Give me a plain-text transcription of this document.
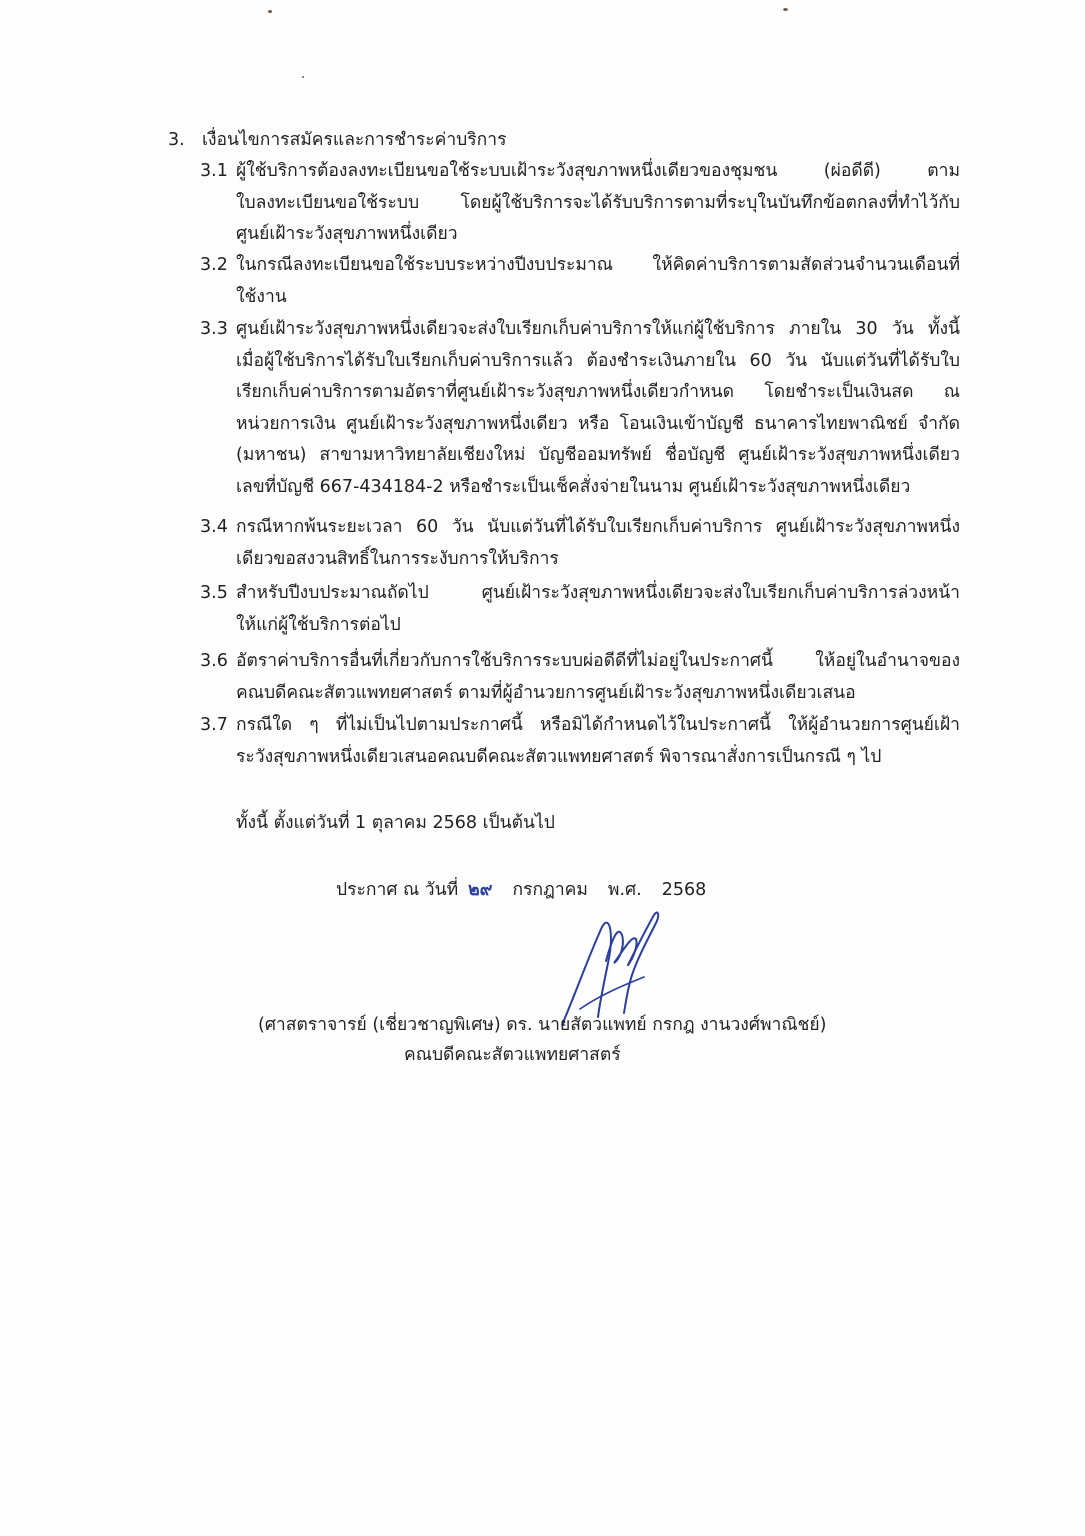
3. เงื่อนไขการสมัครและการชำระค่าบริการ
3.1 ผู้ใช้บริการต้องลงทะเบียนขอใช้ระบบเฝ้าระวังสุขภาพหนึ่งเดียวของชุมชน (ผ่อดีดี) ตาม
ใบลงทะเบียนขอใช้ระบบ โดยผู้ใช้บริการจะได้รับบริการตามที่ระบุในบันทึกข้อตกลงที่ทำไว้กับ
ศูนย์เฝ้าระวังสุขภาพหนึ่งเดียว
3.2 ในกรณีลงทะเบียนขอใช้ระบบระหว่างปีงบประมาณ ให้คิดค่าบริการตามสัดส่วนจำนวนเดือนที่
ใช้งาน
3.3 ศูนย์เฝ้าระวังสุขภาพหนึ่งเดียวจะส่งใบเรียกเก็บค่าบริการให้แก่ผู้ใช้บริการ ภายใน 30 วัน ทั้งนี้
เมื่อผู้ใช้บริการได้รับใบเรียกเก็บค่าบริการแล้ว ต้องชำระเงินภายใน 60 วัน นับแต่วันที่ได้รับใบ
เรียกเก็บค่าบริการตามอัตราที่ศูนย์เฝ้าระวังสุขภาพหนึ่งเดียวกำหนด โดยชำระเป็นเงินสด ณ
หน่วยการเงิน ศูนย์เฝ้าระวังสุขภาพหนึ่งเดียว หรือ โอนเงินเข้าบัญชี ธนาคารไทยพาณิชย์ จำกัด
(มหาชน) สาขามหาวิทยาลัยเชียงใหม่ บัญชีออมทรัพย์ ชื่อบัญชี ศูนย์เฝ้าระวังสุขภาพหนึ่งเดียว
เลขที่บัญชี 667-434184-2 หรือชำระเป็นเช็คสั่งจ่ายในนาม ศูนย์เฝ้าระวังสุขภาพหนึ่งเดียว
3.4 กรณีหากพ้นระยะเวลา 60 วัน นับแต่วันที่ได้รับใบเรียกเก็บค่าบริการ ศูนย์เฝ้าระวังสุขภาพหนึ่ง
เดียวขอสงวนสิทธิ์ในการระงับการให้บริการ
3.5 สำหรับปีงบประมาณถัดไป ศูนย์เฝ้าระวังสุขภาพหนึ่งเดียวจะส่งใบเรียกเก็บค่าบริการล่วงหน้า
ให้แก่ผู้ใช้บริการต่อไป
3.6 อัตราค่าบริการอื่นที่เกี่ยวกับการใช้บริการระบบผ่อดีดีที่ไม่อยู่ในประกาศนี้ ให้อยู่ในอำนาจของ
คณบดีคณะสัตวแพทยศาสตร์ ตามที่ผู้อำนวยการศูนย์เฝ้าระวังสุขภาพหนึ่งเดียวเสนอ
3.7 กรณีใด ๆ ที่ไม่เป็นไปตามประกาศนี้ หรือมิได้กำหนดไว้ในประกาศนี้ ให้ผู้อำนวยการศูนย์เฝ้า
ระวังสุขภาพหนึ่งเดียวเสนอคณบดีคณะสัตวแพทยศาสตร์ พิจารณาสั่งการเป็นกรณี ๆ ไป
ทั้งนี้ ตั้งแต่วันที่ 1 ตุลาคม 2568 เป็นต้นไป
ประกาศ ณ วันที่ ๒๙ กรกฎาคม พ.ศ. 2568
(ศาสตราจารย์ (เชี่ยวชาญพิเศษ) ดร. นายสัตวแพทย์ กรกฎ งานวงศ์พาณิชย์)
คณบดีคณะสัตวแพทยศาสตร์
